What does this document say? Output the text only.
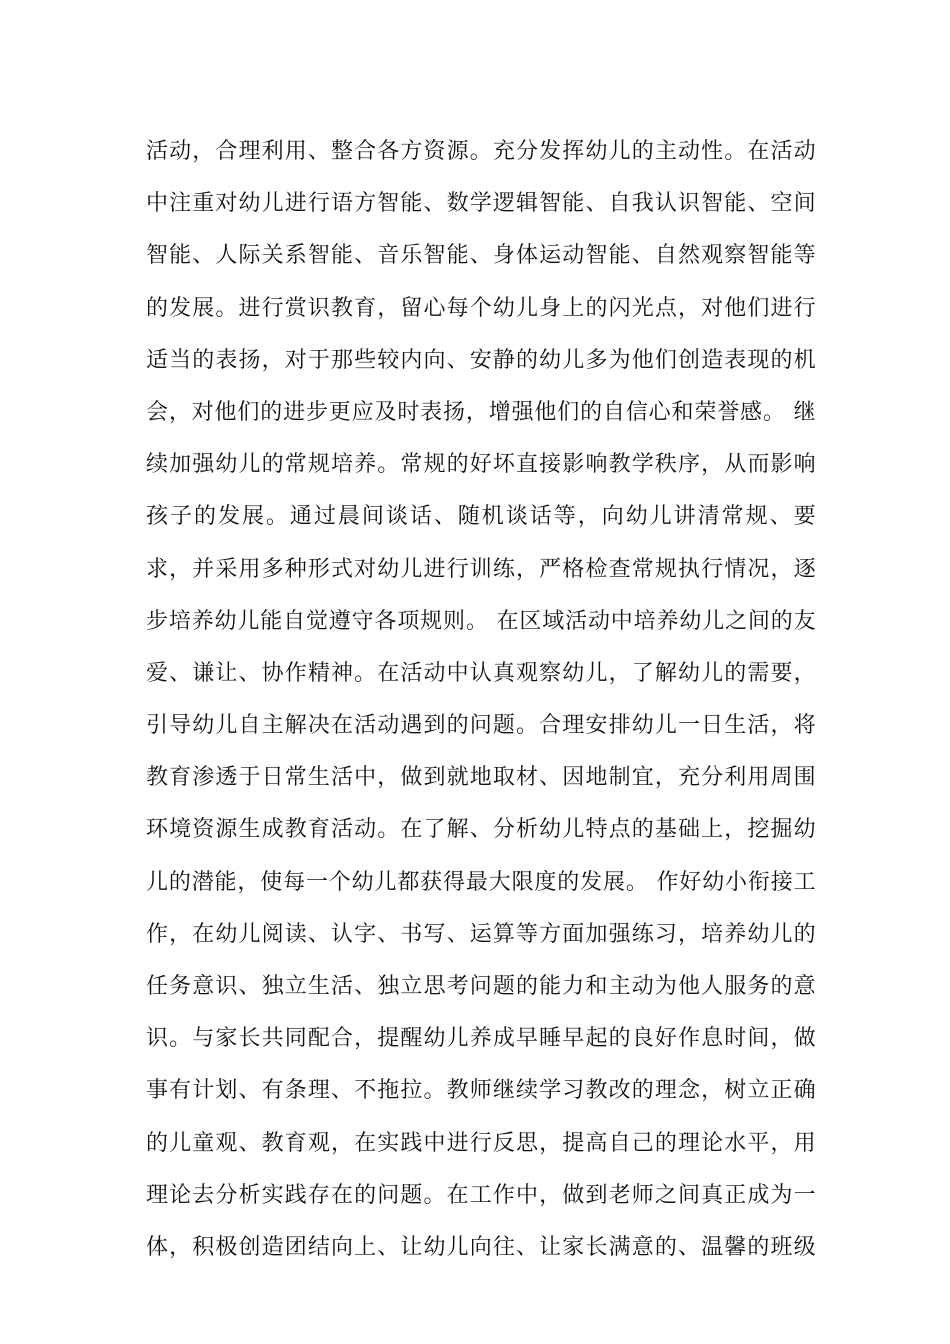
活动，合理利用、整合各方资源。充分发挥幼儿的主动性。在活动
中注重对幼儿进行语方智能、数学逻辑智能、自我认识智能、空间
智能、人际关系智能、音乐智能、身体运动智能、自然观察智能等
的发展。进行赏识教育，留心每个幼儿身上的闪光点，对他们进行
适当的表扬，对于那些较内向、安静的幼儿多为他们创造表现的机
会，对他们的进步更应及时表扬，增强他们的自信心和荣誉感。 继
续加强幼儿的常规培养。常规的好坏直接影响教学秩序，从而影响
孩子的发展。通过晨间谈话、随机谈话等，向幼儿讲清常规、要
求，并采用多种形式对幼儿进行训练，严格检查常规执行情况，逐
步培养幼儿能自觉遵守各项规则。 在区域活动中培养幼儿之间的友
爱、谦让、协作精神。在活动中认真观察幼儿，了解幼儿的需要，
引导幼儿自主解决在活动遇到的问题。合理安排幼儿一日生活，将
教育渗透于日常生活中，做到就地取材、因地制宜，充分利用周围
环境资源生成教育活动。在了解、分析幼儿特点的基础上，挖掘幼
儿的潜能，使每一个幼儿都获得最大限度的发展。 作好幼小衔接工
作，在幼儿阅读、认字、书写、运算等方面加强练习，培养幼儿的
任务意识、独立生活、独立思考问题的能力和主动为他人服务的意
识。与家长共同配合，提醒幼儿养成早睡早起的良好作息时间，做
事有计划、有条理、不拖拉。教师继续学习教改的理念，树立正确
的儿童观、教育观，在实践中进行反思，提高自己的理论水平，用
理论去分析实践存在的问题。在工作中，做到老师之间真正成为一
体，积极创造团结向上、让幼儿向往、让家长满意的、温馨的班级
